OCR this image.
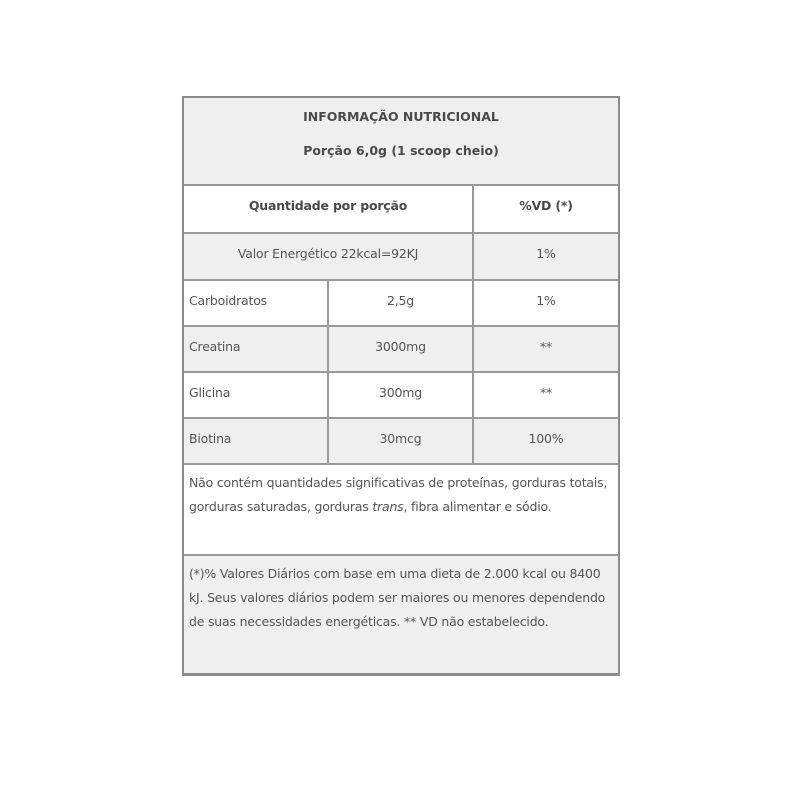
INFORMAÇÃO NUTRICIONAL
Porção 6,0g (1 scoop cheio)
Quantidade por porção	%VD (*)
Valor Energético 22kcal=92KJ	1%
Carboidratos	2,5g	1%
Creatina	3000mg	**
Glicina	300mg	**
Biotina	30mcg	100%
Não contém quantidades significativas de proteínas, gorduras totais, gorduras saturadas, gorduras trans, fibra alimentar e sódio.
(*)% Valores Diários com base em uma dieta de 2.000 kcal ou 8400 kJ. Seus valores diários podem ser maiores ou menores dependendo de suas necessidades energéticas. ** VD não estabelecido.
